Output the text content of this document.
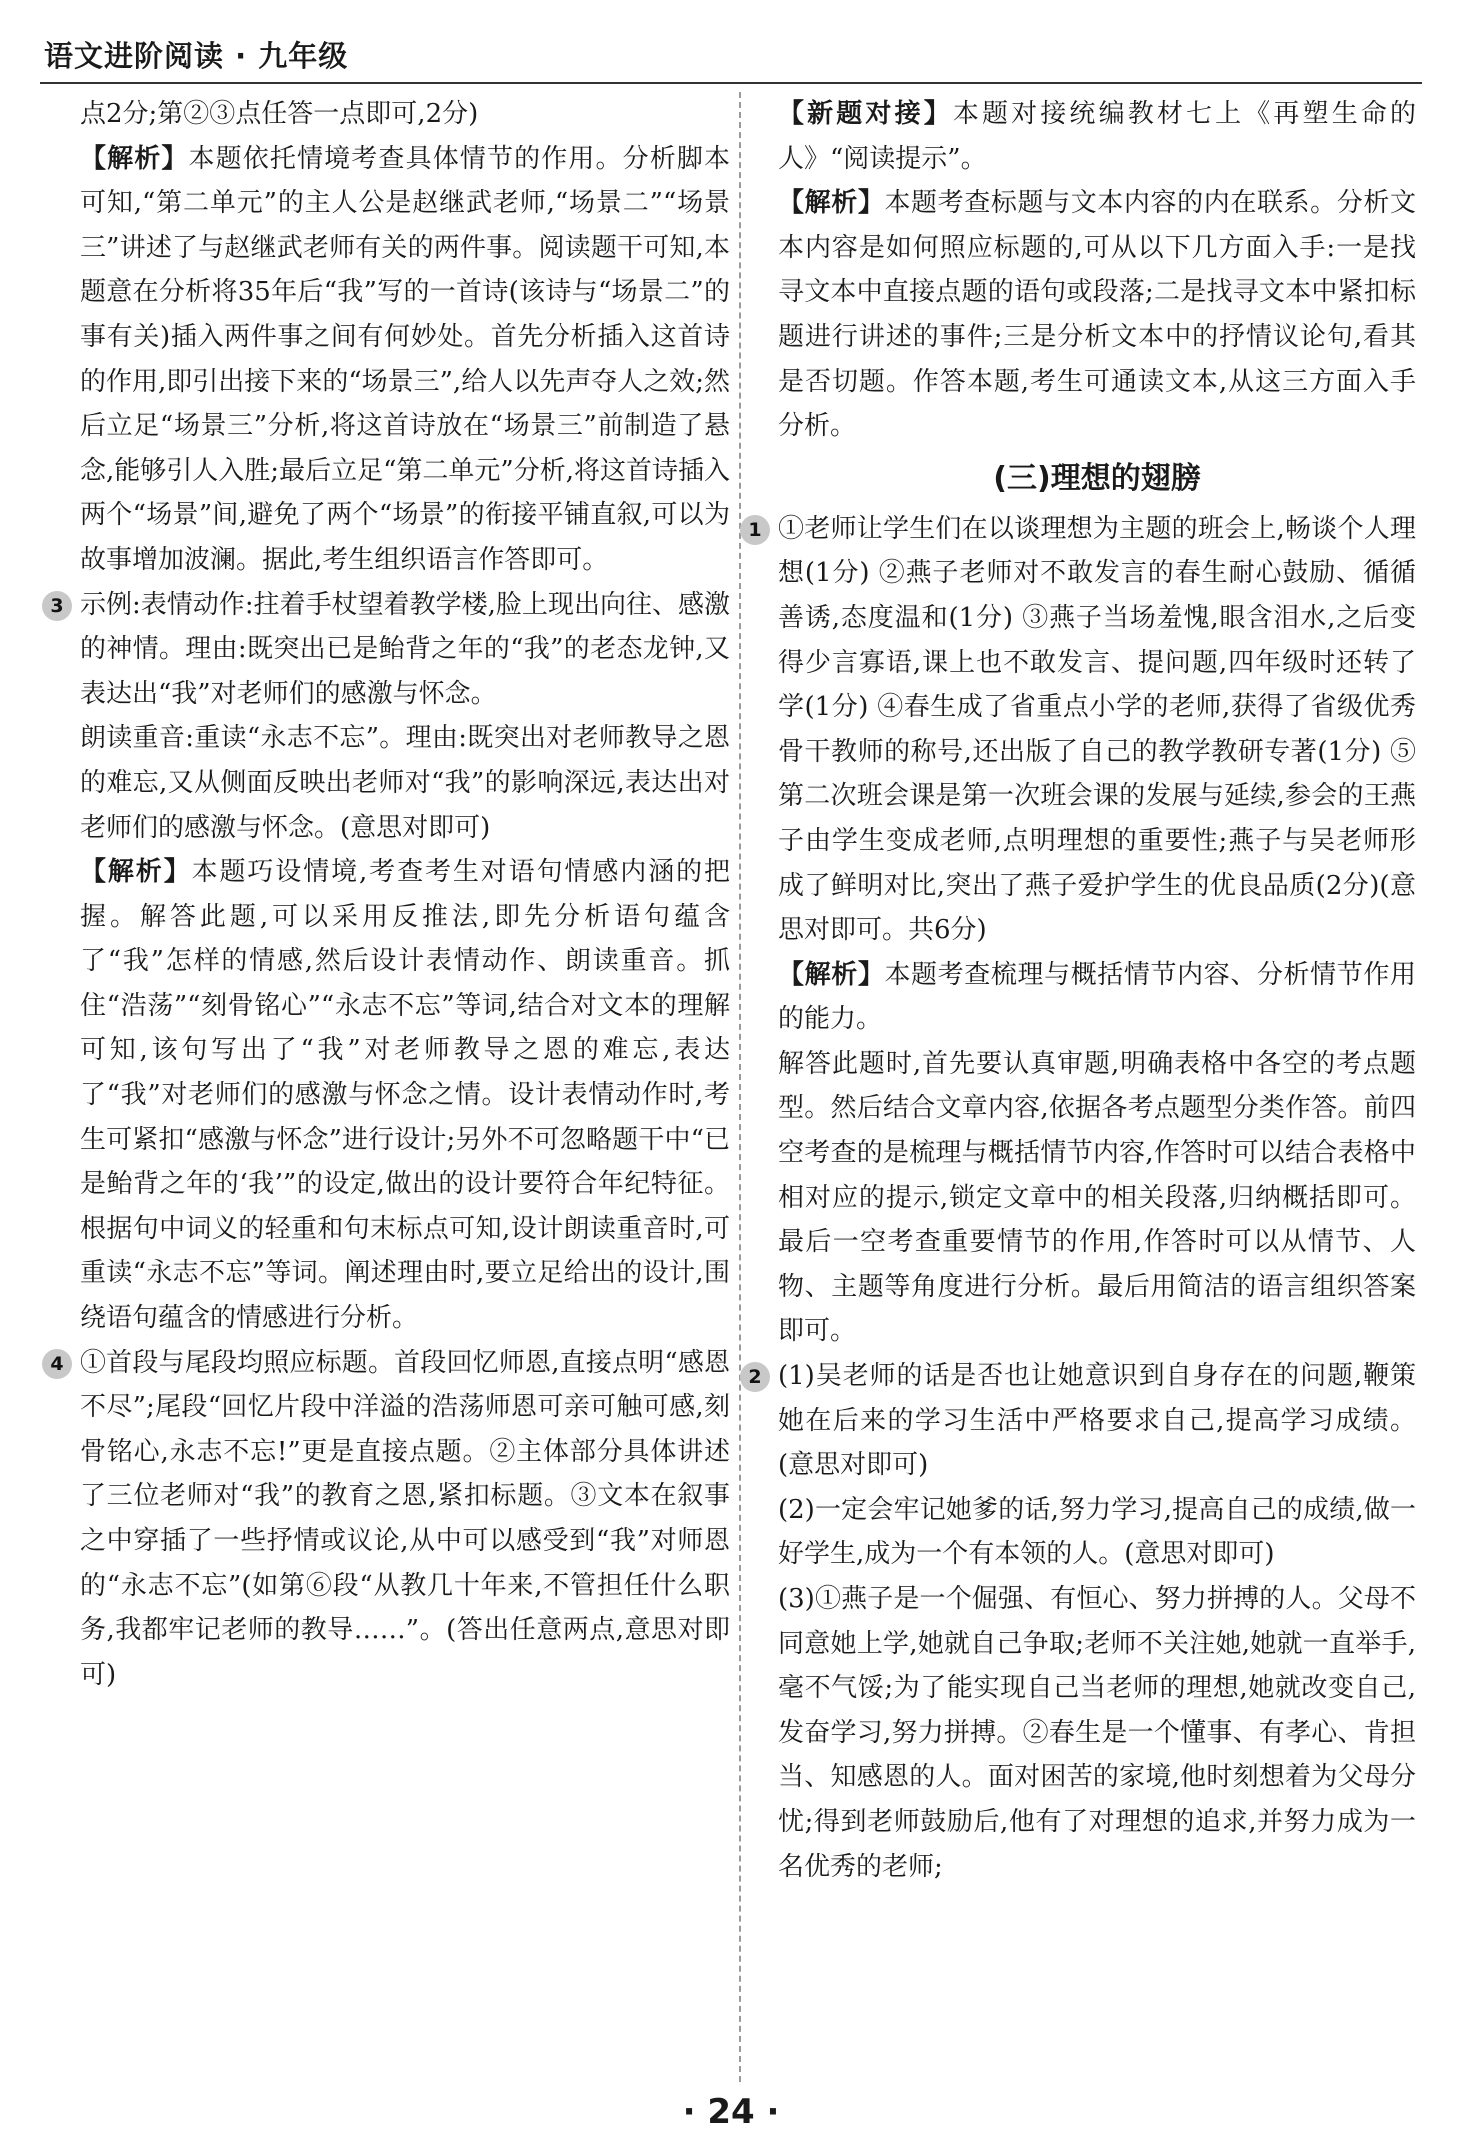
语文进阶阅读 · 九年级

点2分;第②③点任答一点即可,2分)

【解析】本题依托情境考查具体情节的作用。分析脚本可知,“第二单元”的主人公是赵继武老师,“场景二”“场景三”讲述了与赵继武老师有关的两件事。阅读题干可知,本题意在分析将35年后“我”写的一首诗(该诗与“场景二”的事有关)插入两件事之间有何妙处。首先分析插入这首诗的作用,即引出接下来的“场景三”,给人以先声夺人之效;然后立足“场景三”分析,将这首诗放在“场景三”前制造了悬念,能够引人入胜;最后立足“第二单元”分析,将这首诗插入两个“场景”间,避免了两个“场景”的衔接平铺直叙,可以为故事增加波澜。据此,考生组织语言作答即可。

3 示例:表情动作:拄着手杖望着教学楼,脸上现出向往、感激的神情。理由:既突出已是鲐背之年的“我”的老态龙钟,又表达出“我”对老师们的感激与怀念。

朗读重音:重读“永志不忘”。理由:既突出对老师教导之恩的难忘,又从侧面反映出老师对“我”的影响深远,表达出对老师们的感激与怀念。(意思对即可)

【解析】本题巧设情境,考查考生对语句情感内涵的把握。解答此题,可以采用反推法,即先分析语句蕴含了“我”怎样的情感,然后设计表情动作、朗读重音。抓住“浩荡”“刻骨铭心”“永志不忘”等词,结合对文本的理解可知,该句写出了“我”对老师教导之恩的难忘,表达了“我”对老师们的感激与怀念之情。设计表情动作时,考生可紧扣“感激与怀念”进行设计;另外不可忽略题干中“已是鲐背之年的‘我’”的设定,做出的设计要符合年纪特征。根据句中词义的轻重和句末标点可知,设计朗读重音时,可重读“永志不忘”等词。阐述理由时,要立足给出的设计,围绕语句蕴含的情感进行分析。

4 ①首段与尾段均照应标题。首段回忆师恩,直接点明“感恩不尽”;尾段“回忆片段中洋溢的浩荡师恩可亲可触可感,刻骨铭心,永志不忘!”更是直接点题。②主体部分具体讲述了三位老师对“我”的教育之恩,紧扣标题。③文本在叙事之中穿插了一些抒情或议论,从中可以感受到“我”对师恩的“永志不忘”(如第⑥段“从教几十年来,不管担任什么职务,我都牢记老师的教导……”。(答出任意两点,意思对即可)

【新题对接】本题对接统编教材七上《再塑生命的人》“阅读提示”。

【解析】本题考查标题与文本内容的内在联系。分析文本内容是如何照应标题的,可从以下几方面入手:一是找寻文本中直接点题的语句或段落;二是找寻文本中紧扣标题进行讲述的事件;三是分析文本中的抒情议论句,看其是否切题。作答本题,考生可通读文本,从这三方面入手分析。

(三)理想的翅膀
1 ①老师让学生们在以谈理想为主题的班会上,畅谈个人理想(1分) ②燕子老师对不敢发言的春生耐心鼓励、循循善诱,态度温和(1分) ③燕子当场羞愧,眼含泪水,之后变得少言寡语,课上也不敢发言、提问题,四年级时还转了学(1分) ④春生成了省重点小学的老师,获得了省级优秀骨干教师的称号,还出版了自己的教学教研专著(1分) ⑤第二次班会课是第一次班会课的发展与延续,参会的王燕子由学生变成老师,点明理想的重要性;燕子与吴老师形成了鲜明对比,突出了燕子爱护学生的优良品质(2分)(意思对即可。共6分)

【解析】本题考查梳理与概括情节内容、分析情节作用的能力。

解答此题时,首先要认真审题,明确表格中各空的考点题型。然后结合文章内容,依据各考点题型分类作答。前四空考查的是梳理与概括情节内容,作答时可以结合表格中相对应的提示,锁定文章中的相关段落,归纳概括即可。最后一空考查重要情节的作用,作答时可以从情节、人物、主题等角度进行分析。最后用简洁的语言组织答案即可。

2 (1)吴老师的话是否也让她意识到自身存在的问题,鞭策她在后来的学习生活中严格要求自己,提高学习成绩。(意思对即可)

(2)一定会牢记她爹的话,努力学习,提高自己的成绩,做一好学生,成为一个有本领的人。(意思对即可)

(3)①燕子是一个倔强、有恒心、努力拼搏的人。父母不同意她上学,她就自己争取;老师不关注她,她就一直举手,毫不气馁;为了能实现自己当老师的理想,她就改变自己,发奋学习,努力拼搏。②春生是一个懂事、有孝心、肯担当、知感恩的人。面对困苦的家境,他时刻想着为父母分忧;得到老师鼓励后,他有了对理想的追求,并努力成为一名优秀的老师;

· 24 ·
